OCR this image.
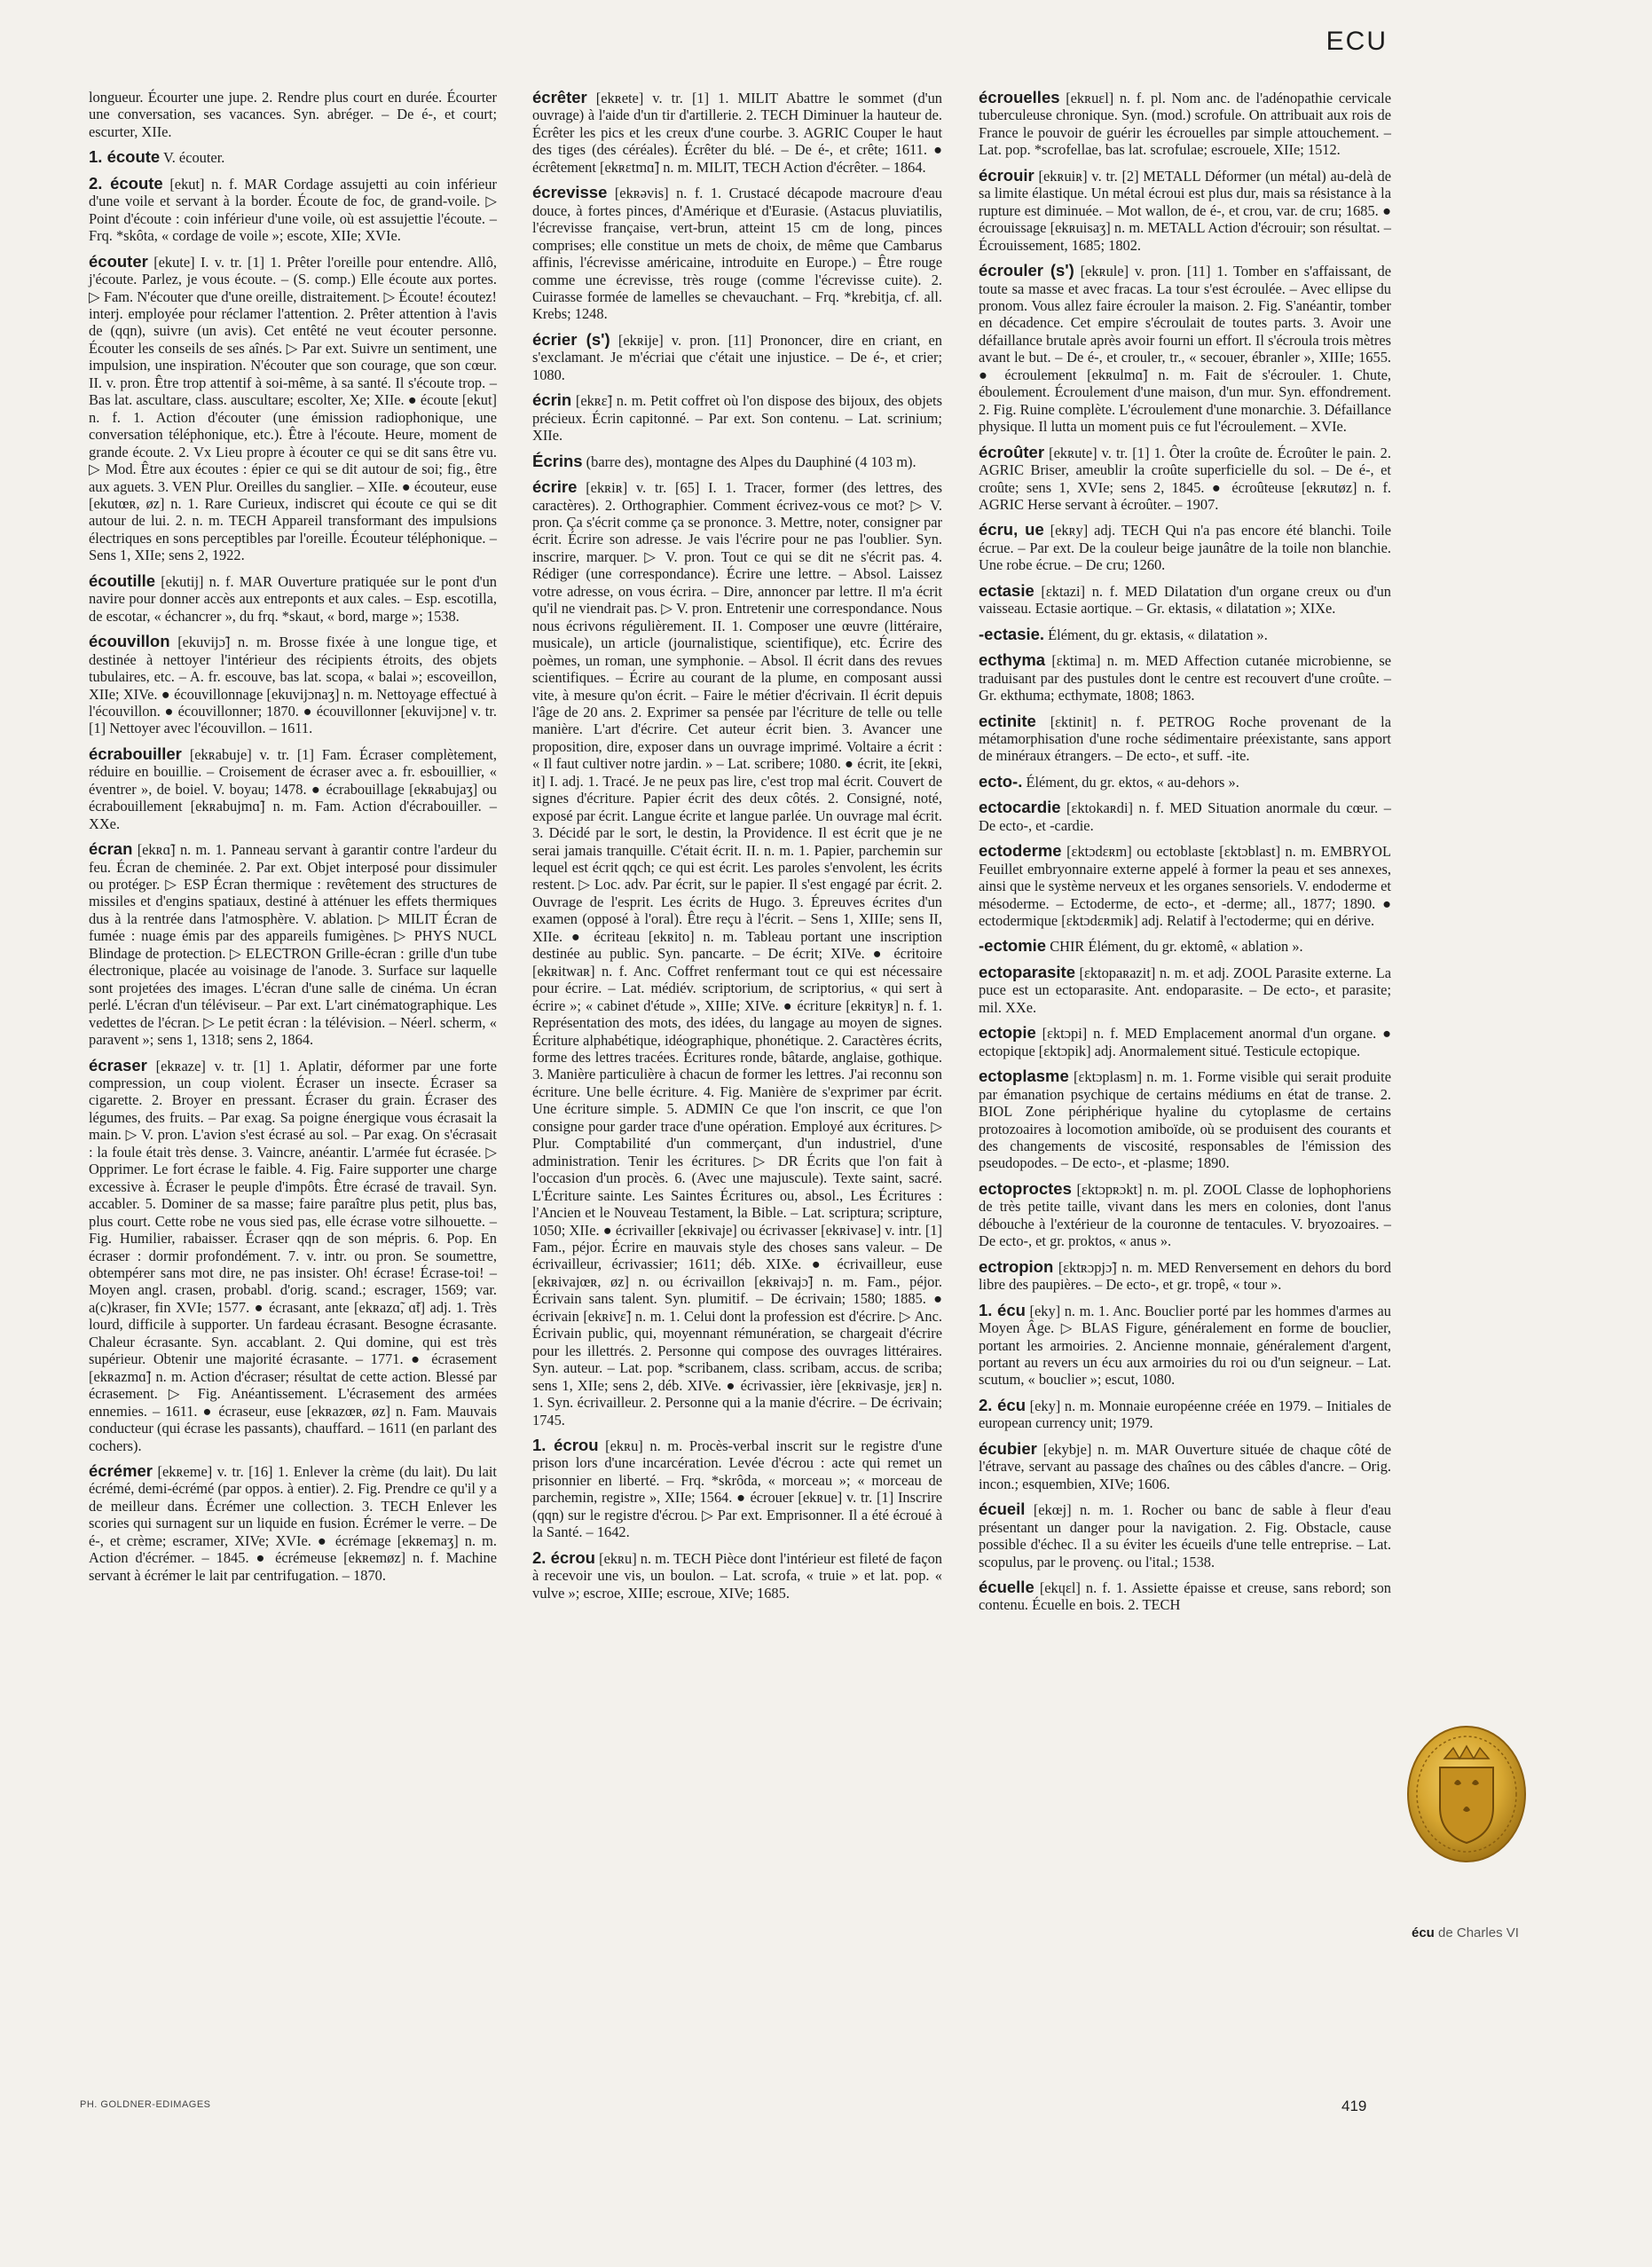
ECU

longueur. Écourter une jupe. 2. Rendre plus court en durée. Écourter une conversation, ses vacances. Syn. abréger. – De é-, et court; escurter, XIIe.

1. écoute V. écouter.

2. écoute [ekut] n. f. MAR Cordage assujetti au coin inférieur d'une voile et servant à la border. Écoute de foc, de grand-voile. ▷ Point d'écoute : coin inférieur d'une voile, où est assujettie l'écoute. – Frq. *skôta, « cordage de voile »; escote, XIIe; XVIe.

écouter [ekute] I. v. tr. [1] 1. Prêter l'oreille pour entendre. Allô, j'écoute. Parlez, je vous écoute. – (S. comp.) Elle écoute aux portes. ▷ Fam. N'écouter que d'une oreille, distraitement. ▷ Écoute! écoutez! interj. employée pour réclamer l'attention. 2. Prêter attention à l'avis de (qqn), suivre (un avis). Cet entêté ne veut écouter personne. Écouter les conseils de ses aînés. ▷ Par ext. Suivre un sentiment, une impulsion, une inspiration. N'écouter que son courage, que son cœur. II. v. pron. Être trop attentif à soi-même, à sa santé. Il s'écoute trop. – Bas lat. ascultare, class. auscultare; escolter, Xe; XIIe. ● écoute [ekut] n. f. 1. Action d'écouter (une émission radiophonique, une conversation téléphonique, etc.). Être à l'écoute. Heure, moment de grande écoute. 2. Vx Lieu propre à écouter ce qui se dit sans être vu. ▷ Mod. Être aux écoutes : épier ce qui se dit autour de soi; fig., être aux aguets. 3. VEN Plur. Oreilles du sanglier. – XIIe. ● écouteur, euse [ekutœʀ, øz] n. 1. Rare Curieux, indiscret qui écoute ce qui se dit autour de lui. 2. n. m. TECH Appareil transformant des impulsions électriques en sons perceptibles par l'oreille. Écouteur téléphonique. – Sens 1, XIIe; sens 2, 1922.

écoutille [ekutij] n. f. MAR Ouverture pratiquée sur le pont d'un navire pour donner accès aux entreponts et aux cales. – Esp. escotilla, de escotar, « échancrer », du frq. *skaut, « bord, marge »; 1538.

écouvillon [ekuvijɔ̃] n. m. Brosse fixée à une longue tige, et destinée à nettoyer l'intérieur des récipients étroits, des objets tubulaires, etc. – A. fr. escouve, bas lat. scopa, « balai »; escoveillon, XIIe; XIVe. ● écouvillonnage [ekuvijɔnaʒ] n. m. Nettoyage effectué à l'écouvillon. ● écouvillonner; 1870. ● écouvillonner [ekuvijɔne] v. tr. [1] Nettoyer avec l'écouvillon. – 1611.

écrabouiller [ekʀabuje] v. tr. [1] Fam. Écraser complètement, réduire en bouillie. – Croisement de écraser avec a. fr. esbouillier, « éventrer », de boiel. V. boyau; 1478. ● écrabouillage [ekʀabujaʒ] ou écrabouillement [ekʀabujmɑ̃] n. m. Fam. Action d'écrabouiller. – XXe.

écran [ekʀɑ̃] n. m. 1. Panneau servant à garantir contre l'ardeur du feu. Écran de cheminée. 2. Par ext. Objet interposé pour dissimuler ou protéger. ▷ ESP Écran thermique : revêtement des structures de missiles et d'engins spatiaux, destiné à atténuer les effets thermiques dus à la rentrée dans l'atmosphère. V. ablation. ▷ MILIT Écran de fumée : nuage émis par des appareils fumigènes. ▷ PHYS NUCL Blindage de protection. ▷ ELECTRON Grille-écran : grille d'un tube électronique, placée au voisinage de l'anode. 3. Surface sur laquelle sont projetées des images. L'écran d'une salle de cinéma. Un écran perlé. L'écran d'un téléviseur. – Par ext. L'art cinématographique. Les vedettes de l'écran. ▷ Le petit écran : la télévision. – Néerl. scherm, « paravent »; sens 1, 1318; sens 2, 1864.

écraser [ekʀaze] v. tr. [1] 1. Aplatir, déformer par une forte compression, un coup violent. Écraser un insecte. Écraser sa cigarette. 2. Broyer en pressant. Écraser du grain. Écraser des légumes, des fruits. – Par exag. Sa poigne énergique vous écrasait la main. ▷ V. pron. L'avion s'est écrasé au sol. – Par exag. On s'écrasait : la foule était très dense. 3. Vaincre, anéantir. L'armée fut écrasée. ▷ Opprimer. Le fort écrase le faible. 4. Fig. Faire supporter une charge excessive à. Écraser le peuple d'impôts. Être écrasé de travail. Syn. accabler. 5. Dominer de sa masse; faire paraître plus petit, plus bas, plus court. Cette robe ne vous sied pas, elle écrase votre silhouette. – Fig. Humilier, rabaisser. Écraser qqn de son mépris. 6. Pop. En écraser : dormir profondément. 7. v. intr. ou pron. Se soumettre, obtempérer sans mot dire, ne pas insister. Oh! écrase! Écrase-toi! – Moyen angl. crasen, probabl. d'orig. scand.; escrager, 1569; var. a(c)kraser, fin XVIe; 1577. ● écrasant, ante [ekʀazɑ̃, ɑ̃t] adj. 1. Très lourd, difficile à supporter. Un fardeau écrasant. Besogne écrasante. Chaleur écrasante. Syn. accablant. 2. Qui domine, qui est très supérieur. Obtenir une majorité écrasante. – 1771. ● écrasement [ekʀazmɑ̃] n. m. Action d'écraser; résultat de cette action. Blessé par écrasement. ▷ Fig. Anéantissement. L'écrasement des armées ennemies. – 1611. ● écraseur, euse [ekʀazœʀ, øz] n. Fam. Mauvais conducteur (qui écrase les passants), chauffard. – 1611 (en parlant des cochers).

écrémer [ekʀeme] v. tr. [16] 1. Enlever la crème (du lait). Du lait écrémé, demi-écrémé (par oppos. à entier). 2. Fig. Prendre ce qu'il y a de meilleur dans. Écrémer une collection. 3. TECH Enlever les scories qui surnagent sur un liquide en fusion. Écrémer le verre. – De é-, et crème; escramer, XIVe; XVIe. ● écrémage [ekʀemaʒ] n. m. Action d'écrémer. – 1845. ● écrémeuse [ekʀemøz] n. f. Machine servant à écrémer le lait par centrifugation. – 1870.

écrêter [ekʀete] v. tr. [1] 1. MILIT Abattre le sommet (d'un ouvrage) à l'aide d'un tir d'artillerie. 2. TECH Diminuer la hauteur de. Écrêter les pics et les creux d'une courbe. 3. AGRIC Couper le haut des tiges (des céréales). Écrêter du blé. – De é-, et crête; 1611. ● écrêtement [ekʀɛtmɑ̃] n. m. MILIT, TECH Action d'écrêter. – 1864.

écrevisse [ekʀəvis] n. f. 1. Crustacé décapode macroure d'eau douce, à fortes pinces, d'Amérique et d'Eurasie. (Astacus pluviatilis, l'écrevisse française, vert-brun, atteint 15 cm de long, pinces comprises; elle constitue un mets de choix, de même que Cambarus affinis, l'écrevisse américaine, introduite en Europe.) – Être rouge comme une écrevisse, très rouge (comme l'écrevisse cuite). 2. Cuirasse formée de lamelles se chevauchant. – Frq. *krebitja, cf. all. Krebs; 1248.

écrier (s') [ekʀije] v. pron. [11] Prononcer, dire en criant, en s'exclamant. Je m'écriai que c'était une injustice. – De é-, et crier; 1080.

écrin [ekʀɛ̃] n. m. Petit coffret où l'on dispose des bijoux, des objets précieux. Écrin capitonné. – Par ext. Son contenu. – Lat. scrinium; XIIe.

Écrins (barre des), montagne des Alpes du Dauphiné (4 103 m).

écrire [ekʀiʀ] v. tr. [65] I. 1. Tracer, former (des lettres, des caractères). 2. Orthographier. Comment écrivez-vous ce mot? ▷ V. pron. Ça s'écrit comme ça se prononce. 3. Mettre, noter, consigner par écrit. Écrire son adresse. Je vais l'écrire pour ne pas l'oublier. Syn. inscrire, marquer. ▷ V. pron. Tout ce qui se dit ne s'écrit pas. 4. Rédiger (une correspondance). Écrire une lettre. – Absol. Laissez votre adresse, on vous écrira. – Dire, annoncer par lettre. Il m'a écrit qu'il ne viendrait pas. ▷ V. pron. Entretenir une correspondance. Nous nous écrivons régulièrement. II. 1. Composer une œuvre (littéraire, musicale), un article (journalistique, scientifique), etc. Écrire des poèmes, un roman, une symphonie. – Absol. Il écrit dans des revues scientifiques. – Écrire au courant de la plume, en composant aussi vite, à mesure qu'on écrit. – Faire le métier d'écrivain. Il écrit depuis l'âge de 20 ans. 2. Exprimer sa pensée par l'écriture de telle ou telle manière. L'art d'écrire. Cet auteur écrit bien. 3. Avancer une proposition, dire, exposer dans un ouvrage imprimé. Voltaire a écrit : « Il faut cultiver notre jardin. » – Lat. scribere; 1080. ● écrit, ite [ekʀi, it] I. adj. 1. Tracé. Je ne peux pas lire, c'est trop mal écrit. Couvert de signes d'écriture. Papier écrit des deux côtés. 2. Consigné, noté, exposé par écrit. Langue écrite et langue parlée. Un ouvrage mal écrit. 3. Décidé par le sort, le destin, la Providence. Il est écrit que je ne serai jamais tranquille. C'était écrit. II. n. m. 1. Papier, parchemin sur lequel est écrit qqch; ce qui est écrit. Les paroles s'envolent, les écrits restent. ▷ Loc. adv. Par écrit, sur le papier. Il s'est engagé par écrit. 2. Ouvrage de l'esprit. Les écrits de Hugo. 3. Épreuves écrites d'un examen (opposé à l'oral). Être reçu à l'écrit. – Sens 1, XIIIe; sens II, XIIe. ● écriteau [ekʀito] n. m. Tableau portant une inscription destinée au public. Syn. pancarte. – De écrit; XIVe. ● écritoire [ekʀitwaʀ] n. f. Anc. Coffret renfermant tout ce qui est nécessaire pour écrire. – Lat. médiév. scriptorium, de scriptorius, « qui sert à écrire »; « cabinet d'étude », XIIIe; XIVe. ● écriture [ekʀityʀ] n. f. 1. Représentation des mots, des idées, du langage au moyen de signes. Écriture alphabétique, idéographique, phonétique. 2. Caractères écrits, forme des lettres tracées. Écritures ronde, bâtarde, anglaise, gothique. 3. Manière particulière à chacun de former les lettres. J'ai reconnu son écriture. Une belle écriture. 4. Fig. Manière de s'exprimer par écrit. Une écriture simple. 5. ADMIN Ce que l'on inscrit, ce que l'on consigne pour garder trace d'une opération. Employé aux écritures. ▷ Plur. Comptabilité d'un commerçant, d'un industriel, d'une administration. Tenir les écritures. ▷ DR Écrits que l'on fait à l'occasion d'un procès. 6. (Avec une majuscule). Texte saint, sacré. L'Écriture sainte. Les Saintes Écritures ou, absol., Les Écritures : l'Ancien et le Nouveau Testament, la Bible. – Lat. scriptura; scripture, 1050; XIIe. ● écrivailler [ekʀivaje] ou écrivasser [ekʀivase] v. intr. [1] Fam., péjor. Écrire en mauvais style des choses sans valeur. – De écrivailleur, écrivassier; 1611; déb. XIXe. ● écrivailleur, euse [ekʀivajœʀ, øz] n. ou écrivaillon [ekʀivajɔ̃] n. m. Fam., péjor. Écrivain sans talent. Syn. plumitif. – De écrivain; 1580; 1885. ● écrivain [ekʀivɛ̃] n. m. 1. Celui dont la profession est d'écrire. ▷ Anc. Écrivain public, qui, moyennant rémunération, se chargeait d'écrire pour les illettrés. 2. Personne qui compose des ouvrages littéraires. Syn. auteur. – Lat. pop. *scribanem, class. scribam, accus. de scriba; sens 1, XIIe; sens 2, déb. XIVe. ● écrivassier, ière [ekʀivasje, jɛʀ] n. 1. Syn. écrivailleur. 2. Personne qui a la manie d'écrire. – De écrivain; 1745.

1. écrou [ekʀu] n. m. Procès-verbal inscrit sur le registre d'une prison lors d'une incarcération. Levée d'écrou : acte qui remet un prisonnier en liberté. – Frq. *skrôda, « morceau »; « morceau de parchemin, registre », XIIe; 1564. ● écrouer [ekʀue] v. tr. [1] Inscrire (qqn) sur le registre d'écrou. ▷ Par ext. Emprisonner. Il a été écroué à la Santé. – 1642.

2. écrou [ekʀu] n. m. TECH Pièce dont l'intérieur est fileté de façon à recevoir une vis, un boulon. – Lat. scrofa, « truie » et lat. pop. « vulve »; escroe, XIIIe; escroue, XIVe; 1685.

écrouelles [ekʀuɛl] n. f. pl. Nom anc. de l'adénopathie cervicale tuberculeuse chronique. Syn. (mod.) scrofule. On attribuait aux rois de France le pouvoir de guérir les écrouelles par simple attouchement. – Lat. pop. *scrofellae, bas lat. scrofulae; escrouele, XIIe; 1512.

écrouir [ekʀuiʀ] v. tr. [2] METALL Déformer (un métal) au-delà de sa limite élastique. Un métal écroui est plus dur, mais sa résistance à la rupture est diminuée. – Mot wallon, de é-, et crou, var. de cru; 1685. ● écrouissage [ekʀuisaʒ] n. m. METALL Action d'écrouir; son résultat. – Écrouissement, 1685; 1802.

écrouler (s') [ekʀule] v. pron. [11] 1. Tomber en s'affaissant, de toute sa masse et avec fracas. La tour s'est écroulée. – Avec ellipse du pronom. Vous allez faire écrouler la maison. 2. Fig. S'anéantir, tomber en décadence. Cet empire s'écroulait de toutes parts. 3. Avoir une défaillance brutale après avoir fourni un effort. Il s'écroula trois mètres avant le but. – De é-, et crouler, tr., « secouer, ébranler », XIIIe; 1655. ● écroulement [ekʀulmɑ̃] n. m. Fait de s'écrouler. 1. Chute, éboulement. Écroulement d'une maison, d'un mur. Syn. effondrement. 2. Fig. Ruine complète. L'écroulement d'une monarchie. 3. Défaillance physique. Il lutta un moment puis ce fut l'écroulement. – XVIe.

écroûter [ekʀute] v. tr. [1] 1. Ôter la croûte de. Écroûter le pain. 2. AGRIC Briser, ameublir la croûte superficielle du sol. – De é-, et croûte; sens 1, XVIe; sens 2, 1845. ● écroûteuse [ekʀutøz] n. f. AGRIC Herse servant à écroûter. – 1907.

écru, ue [ekʀy] adj. TECH Qui n'a pas encore été blanchi. Toile écrue. – Par ext. De la couleur beige jaunâtre de la toile non blanchie. Une robe écrue. – De cru; 1260.

ectasie [ɛktazi] n. f. MED Dilatation d'un organe creux ou d'un vaisseau. Ectasie aortique. – Gr. ektasis, « dilatation »; XIXe.

-ectasie. Élément, du gr. ektasis, « dilatation ».

ecthyma [ɛktima] n. m. MED Affection cutanée microbienne, se traduisant par des pustules dont le centre est recouvert d'une croûte. – Gr. ekthuma; ecthymate, 1808; 1863.

ectinite [ɛktinit] n. f. PETROG Roche provenant de la métamorphisation d'une roche sédimentaire préexistante, sans apport de minéraux étrangers. – De ecto-, et suff. -ite.

ecto-. Élément, du gr. ektos, « au-dehors ».

ectocardie [ɛktokaʀdi] n. f. MED Situation anormale du cœur. – De ecto-, et -cardie.

ectoderme [ɛktɔdɛʀm] ou ectoblaste [ɛktɔblast] n. m. EMBRYOL Feuillet embryonnaire externe appelé à former la peau et ses annexes, ainsi que le système nerveux et les organes sensoriels. V. endoderme et mésoderme. – Ectoderme, de ecto-, et -derme; all., 1877; 1890. ● ectodermique [ɛktɔdɛʀmik] adj. Relatif à l'ectoderme; qui en dérive.

-ectomie CHIR Élément, du gr. ektomê, « ablation ».

ectoparasite [ɛktopaʀazit] n. m. et adj. ZOOL Parasite externe. La puce est un ectoparasite. Ant. endoparasite. – De ecto-, et parasite; mil. XXe.

ectopie [ɛktɔpi] n. f. MED Emplacement anormal d'un organe. ● ectopique [ɛktɔpik] adj. Anormalement situé. Testicule ectopique.

ectoplasme [ɛktɔplasm] n. m. 1. Forme visible qui serait produite par émanation psychique de certains médiums en état de transe. 2. BIOL Zone périphérique hyaline du cytoplasme de certains protozoaires à locomotion amiboïde, où se produisent des courants et des changements de viscosité, responsables de l'émission des pseudopodes. – De ecto-, et -plasme; 1890.

ectoproctes [ɛktɔpʀɔkt] n. m. pl. ZOOL Classe de lophophoriens de très petite taille, vivant dans les mers en colonies, dont l'anus débouche à l'extérieur de la couronne de tentacules. V. bryozoaires. – De ecto-, et gr. proktos, « anus ».

ectropion [ɛktʀɔpjɔ̃] n. m. MED Renversement en dehors du bord libre des paupières. – De ecto-, et gr. tropê, « tour ».

1. écu [eky] n. m. 1. Anc. Bouclier porté par les hommes d'armes au Moyen Âge. ▷ BLAS Figure, généralement en forme de bouclier, portant les armoiries. 2. Ancienne monnaie, généralement d'argent, portant au revers un écu aux armoiries du roi ou d'un seigneur. – Lat. scutum, « bouclier »; escut, 1080.

2. écu [eky] n. m. Monnaie européenne créée en 1979. – Initiales de european currency unit; 1979.

écubier [ekybje] n. m. MAR Ouverture située de chaque côté de l'étrave, servant au passage des chaînes ou des câbles d'ancre. – Orig. incon.; esquembien, XIVe; 1606.

écueil [ekœj] n. m. 1. Rocher ou banc de sable à fleur d'eau présentant un danger pour la navigation. 2. Fig. Obstacle, cause possible d'échec. Il a su éviter les écueils d'une telle entreprise. – Lat. scopulus, par le provenç. ou l'ital.; 1538.

écuelle [ekɥɛl] n. f. 1. Assiette épaisse et creuse, sans rebord; son contenu. Écuelle en bois. 2. TECH

écu de Charles VI
PH. GOLDNER-EDIMAGES	419
